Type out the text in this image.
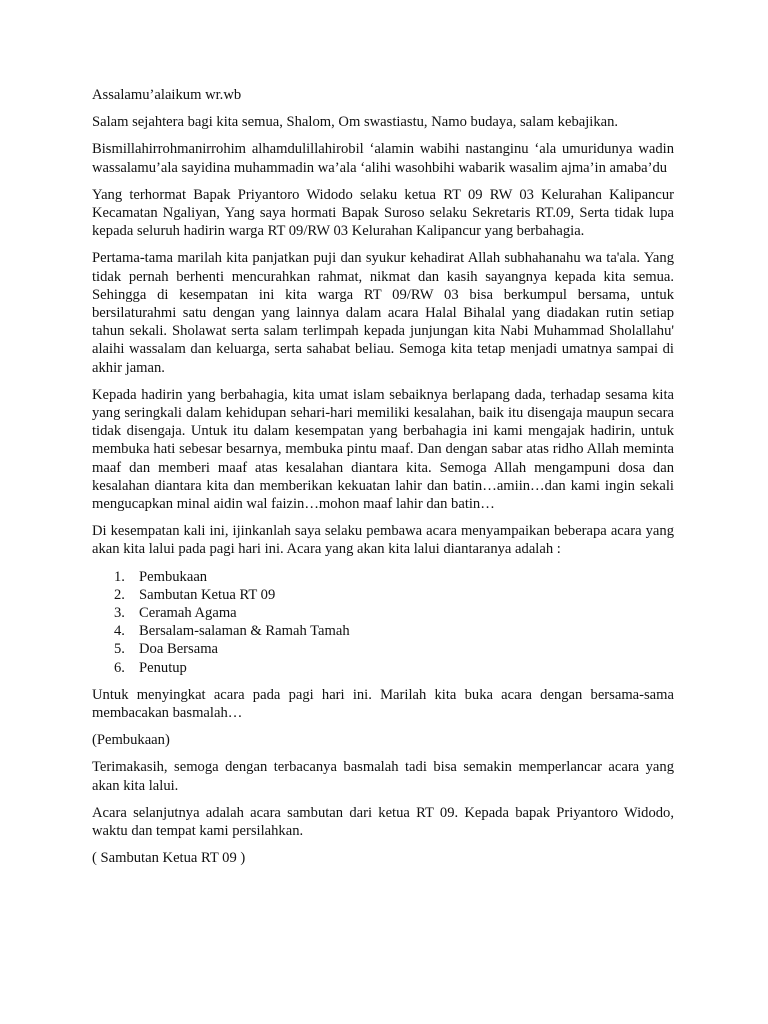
Assalamu’alaikum wr.wb

Salam sejahtera bagi kita semua, Shalom, Om swastiastu, Namo budaya, salam kebajikan.

Bismillahirrohmanirrohim alhamdulillahirobil ‘alamin wabihi nastanginu ‘ala umuridunya wadin wassalamu’ala sayidina muhammadin wa’ala ‘alihi wasohbihi wabarik wasalim ajma’in amaba’du

Yang terhormat Bapak Priyantoro Widodo selaku ketua RT 09 RW 03 Kelurahan Kalipancur Kecamatan Ngaliyan, Yang saya hormati Bapak Suroso selaku Sekretaris RT.09, Serta tidak lupa kepada seluruh hadirin warga RT 09/RW 03 Kelurahan Kalipancur yang berbahagia.

Pertama-tama marilah kita panjatkan puji dan syukur kehadirat Allah subhahanahu wa ta'ala. Yang tidak pernah berhenti mencurahkan rahmat, nikmat dan kasih sayangnya kepada kita semua. Sehingga di kesempatan ini kita warga RT 09/RW 03 bisa berkumpul bersama, untuk bersilaturahmi satu dengan yang lainnya dalam acara Halal Bihalal yang diadakan rutin setiap tahun sekali. Sholawat serta salam terlimpah kepada junjungan kita Nabi Muhammad Sholallahu' alaihi wassalam dan keluarga, serta sahabat beliau. Semoga kita tetap menjadi umatnya sampai di akhir jaman.

Kepada hadirin yang berbahagia, kita umat islam sebaiknya berlapang dada, terhadap sesama kita yang seringkali dalam kehidupan sehari-hari memiliki kesalahan, baik itu disengaja maupun secara tidak disengaja. Untuk itu dalam kesempatan yang berbahagia ini kami mengajak hadirin, untuk membuka hati sebesar besarnya, membuka pintu maaf. Dan dengan sabar atas ridho Allah meminta maaf dan memberi maaf atas kesalahan diantara kita. Semoga Allah mengampuni dosa dan kesalahan diantara kita dan memberikan kekuatan lahir dan batin…amiin…dan kami ingin sekali mengucapkan minal aidin wal faizin…mohon maaf lahir dan batin…

Di kesempatan kali ini, ijinkanlah saya selaku pembawa acara menyampaikan beberapa acara yang akan kita lalui pada pagi hari ini. Acara yang akan kita lalui diantaranya adalah :

1. Pembukaan
2. Sambutan Ketua RT 09
3. Ceramah Agama
4. Bersalam-salaman & Ramah Tamah
5. Doa Bersama
6. Penutup

Untuk menyingkat acara pada pagi hari ini. Marilah kita buka acara dengan bersama-sama membacakan basmalah…

(Pembukaan)

Terimakasih, semoga dengan terbacanya basmalah tadi bisa semakin memperlancar acara yang akan kita lalui.

Acara selanjutnya adalah acara sambutan dari ketua RT 09. Kepada bapak Priyantoro Widodo, waktu dan tempat kami persilahkan.

( Sambutan Ketua RT 09 )
